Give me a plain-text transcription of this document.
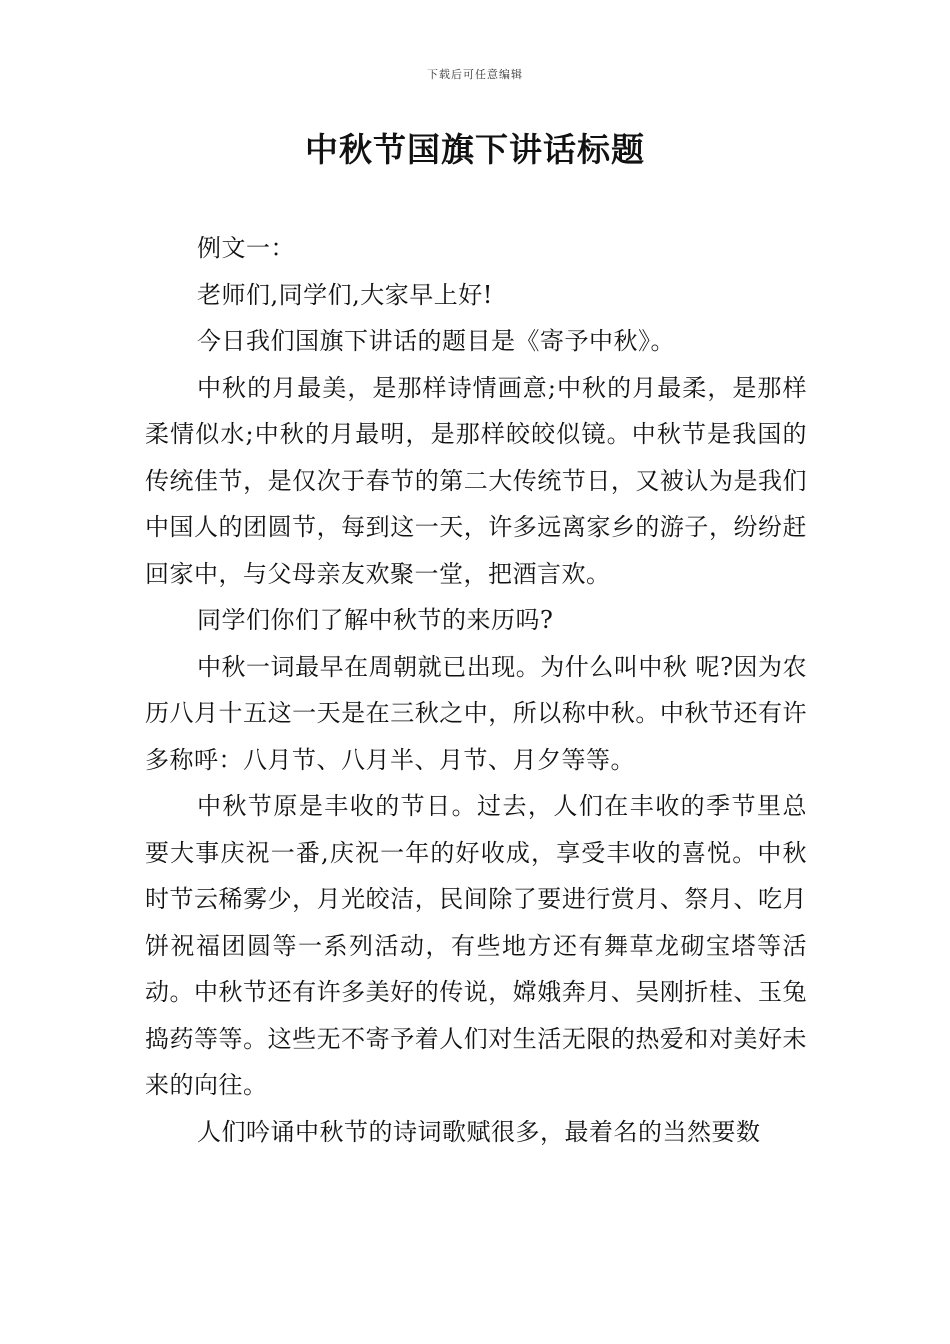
下载后可任意编辑
中秋节国旗下讲话标题

例文一：

老师们,同学们,大家早上好!

今日我们国旗下讲话的题目是《寄予中秋》。

中秋的月最美，是那样诗情画意;中秋的月最柔，是那样柔情似水;中秋的月最明，是那样皎皎似镜。中秋节是我国的传统佳节，是仅次于春节的第二大传统节日，又被认为是我们中国人的团圆节，每到这一天，许多远离家乡的游子，纷纷赶回家中，与父母亲友欢聚一堂，把酒言欢。

同学们你们了解中秋节的来历吗?

中秋一词最早在周朝就已出现。为什么叫中秋 呢?因为农历八月十五这一天是在三秋之中，所以称中秋。中秋节还有许多称呼：八月节、八月半、月节、月夕等等。

中秋节原是丰收的节日。过去，人们在丰收的季节里总要大事庆祝一番,庆祝一年的好收成，享受丰收的喜悦。中秋时节云稀雾少，月光皎洁，民间除了要进行赏月、祭月、吃月饼祝福团圆等一系列活动，有些地方还有舞草龙砌宝塔等活动。中秋节还有许多美好的传说，嫦娥奔月、吴刚折桂、玉兔捣药等等。这些无不寄予着人们对生活无限的热爱和对美好未来的向往。

人们吟诵中秋节的诗词歌赋很多，最着名的当然要数
